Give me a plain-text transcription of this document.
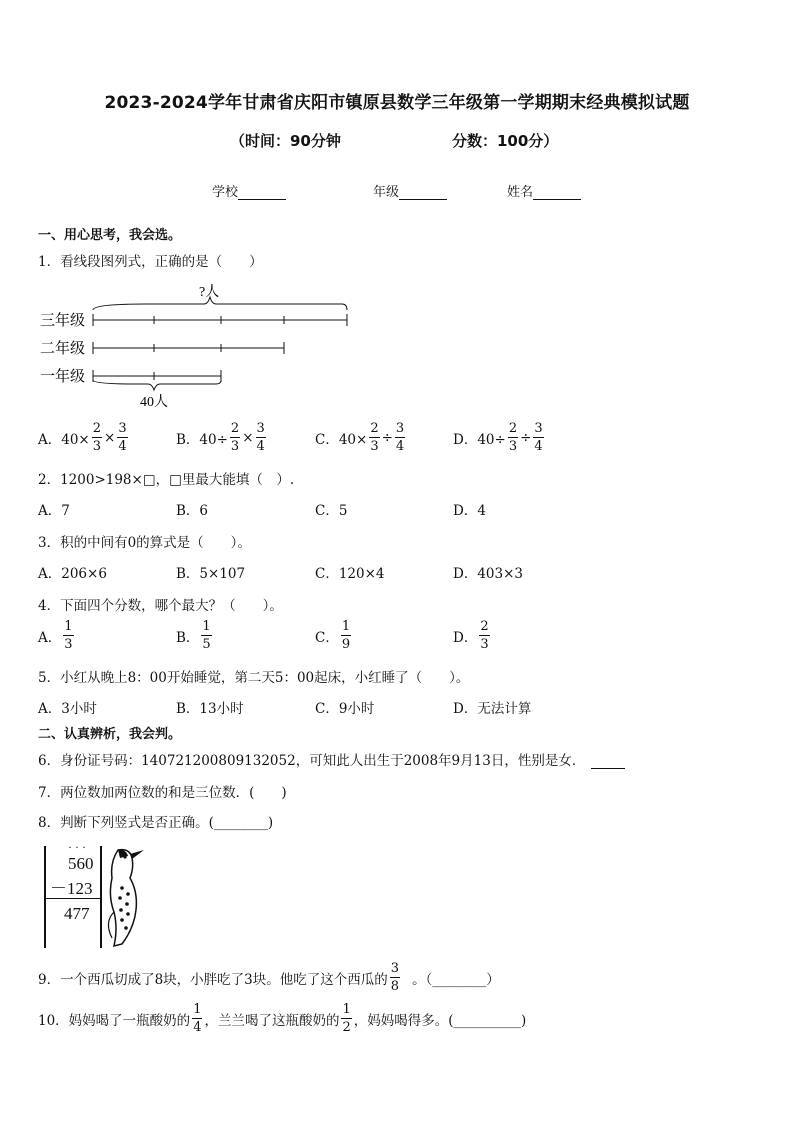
2023-2024学年甘肃省庆阳市镇原县数学三年级第一学期期末经典模拟试题
（时间：90分钟	分数：100分）
学校	年级	姓名
一、用心思考，我会选。
1．看线段图列式，正确的是（　　）
?人
三年级
二年级
一年级
40人
A．$40\times \frac{2}{3} \times \frac{3}{4}$	B．$40\div \frac{2}{3} \times \frac{3}{4}$	C．$40\times \frac{2}{3} \div \frac{3}{4}$	D．$40\div \frac{2}{3} \div \frac{3}{4}$
2．1200>198×□，□里最大能填（　）.
A．7	B．6	C．5	D．4
3．积的中间有0的算式是（　　）。
A．206×6	B．5×107	C．120×4	D．403×3
4．下面四个分数，哪个最大？（　　）。
A． $\frac{1}{3}$	B． $\frac{1}{5}$	C． $\frac{1}{9}$	D． $\frac{2}{3}$
5．小红从晚上8：00开始睡觉，第二天5：00起床，小红睡了（　　）。
A．3小时	B．13小时	C．9小时	D．无法计算
二、认真辨析，我会判。
6．身份证号码：140721200809132052，可知此人出生于2008年9月13日，性别是女．
7．两位数加两位数的和是三位数．(　　)
8．判断下列竖式是否正确。(________)
· · ·
560
－123
477
9．一个西瓜切成了8块，小胖吃了3块。他吃了这个西瓜的 $\frac{3}{8}$ 。（________）
10．妈妈喝了一瓶酸奶的 $\frac{1}{4}$ ，兰兰喝了这瓶酸奶的 $\frac{1}{2}$ ，妈妈喝得多。(__________)
